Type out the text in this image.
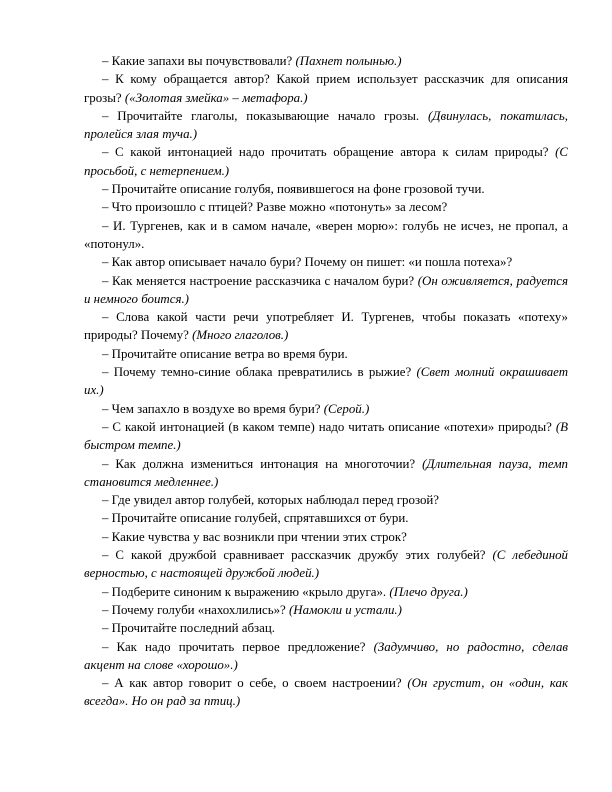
– Какие запахи вы почувствовали? (Пахнет полынью.)

– К кому обращается автор? Какой прием использует рассказчик для описания грозы? («Золотая змейка» – метафора.)

– Прочитайте глаголы, показывающие начало грозы. (Двинулась, покатилась, пролейся злая туча.)

– С какой интонацией надо прочитать обращение автора к силам природы? (С просьбой, с нетерпением.)

– Прочитайте описание голубя, появившегося на фоне грозовой тучи.

– Что произошло с птицей? Разве можно «потонуть» за лесом?

– И. Тургенев, как и в самом начале, «верен морю»: голубь не исчез, не пропал, а «потонул».

– Как автор описывает начало бури? Почему он пишет: «и пошла потеха»?

– Как меняется настроение рассказчика с началом бури? (Он оживляется, радуется и немного боится.)

– Слова какой части речи употребляет И. Тургенев, чтобы показать «потеху» природы? Почему? (Много глаголов.)

– Прочитайте описание ветра во время бури.

– Почему темно-синие облака превратились в рыжие? (Свет молний окрашивает их.)

– Чем запахло в воздухе во время бури? (Серой.)

– С какой интонацией (в каком темпе) надо читать описание «потехи» природы? (В быстром темпе.)

– Как должна измениться интонация на многоточии? (Длительная пауза, темп становится медленнее.)

– Где увидел автор голубей, которых наблюдал перед грозой?

– Прочитайте описание голубей, спрятавшихся от бури.

– Какие чувства у вас возникли при чтении этих строк?

– С какой дружбой сравнивает рассказчик дружбу этих голубей? (С лебединой верностью, с настоящей дружбой людей.)

– Подберите синоним к выражению «крыло друга». (Плечо друга.)

– Почему голуби «нахохлились»? (Намокли и устали.)

– Прочитайте последний абзац.

– Как надо прочитать первое предложение? (Задумчиво, но радостно, сделав акцент на слове «хорошо».)

– А как автор говорит о себе, о своем настроении? (Он грустит, он «один, как всегда». Но он рад за птиц.)
